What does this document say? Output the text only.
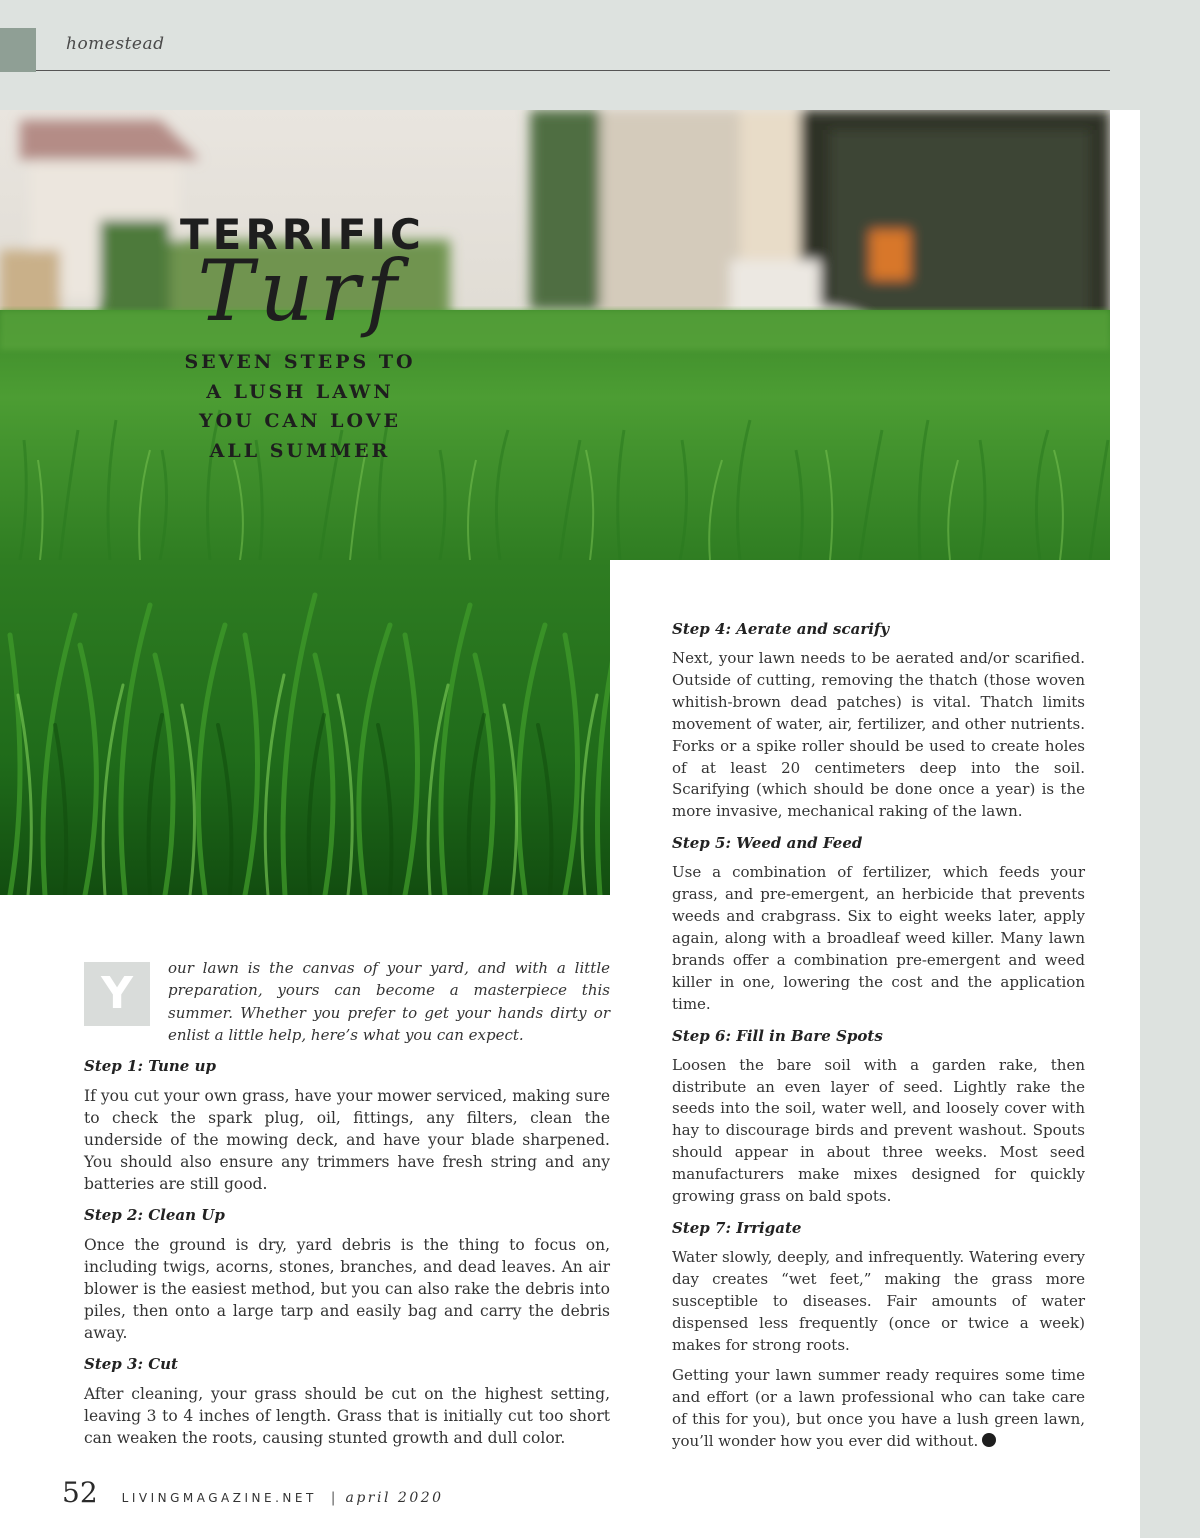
homestead
TERRIFIC
Turf
SEVEN STEPS TO
A LUSH LAWN
YOU CAN LOVE
ALL SUMMER
Y	our lawn is the canvas of your yard, and with a little preparation, yours can become a masterpiece this summer. Whether you prefer to get your hands dirty or enlist a little help, here’s what you can expect.
Step 1: Tune up
If you cut your own grass, have your mower serviced, making sure to check the spark plug, oil, fittings, any filters, clean the underside of the mowing deck, and have your blade sharpened. You should also ensure any trimmers have fresh string and any batteries are still good.
Step 2: Clean Up
Once the ground is dry, yard debris is the thing to focus on, including twigs, acorns, stones, branches, and dead leaves. An air blower is the easiest method, but you can also rake the debris into piles, then onto a large tarp and easily bag and carry the debris away.
Step 3: Cut
After cleaning, your grass should be cut on the highest setting, leaving 3 to 4 inches of length. Grass that is initially cut too short can weaken the roots, causing stunted growth and dull color.
Step 4: Aerate and scarify
Next, your lawn needs to be aerated and/or scarified. Outside of cutting, removing the thatch (those woven whitish-brown dead patches) is vital. Thatch limits movement of water, air, fertilizer, and other nutrients. Forks or a spike roller should be used to create holes of at least 20 centimeters deep into the soil. Scarifying (which should be done once a year) is the more invasive, mechanical raking of the lawn.
Step 5: Weed and Feed
Use a combination of fertilizer, which feeds your grass, and pre-emergent, an herbicide that prevents weeds and crabgrass. Six to eight weeks later, apply again, along with a broadleaf weed killer. Many lawn brands offer a combination pre-emergent and weed killer in one, lowering the cost and the application time.
Step 6: Fill in Bare Spots
Loosen the bare soil with a garden rake, then distribute an even layer of seed. Lightly rake the seeds into the soil, water well, and loosely cover with hay to discourage birds and prevent washout. Spouts should appear in about three weeks. Most seed manufacturers make mixes designed for quickly growing grass on bald spots.
Step 7: Irrigate
Water slowly, deeply, and infrequently. Watering every day creates “wet feet,” making the grass more susceptible to diseases. Fair amounts of water dispensed less frequently (once or twice a week) makes for strong roots.
Getting your lawn summer ready requires some time and effort (or a lawn professional who can take care of this for you), but once you have a lush green lawn, you’ll wonder how you ever did without.
52 LIVINGMAGAZINE.NET | april 2020
